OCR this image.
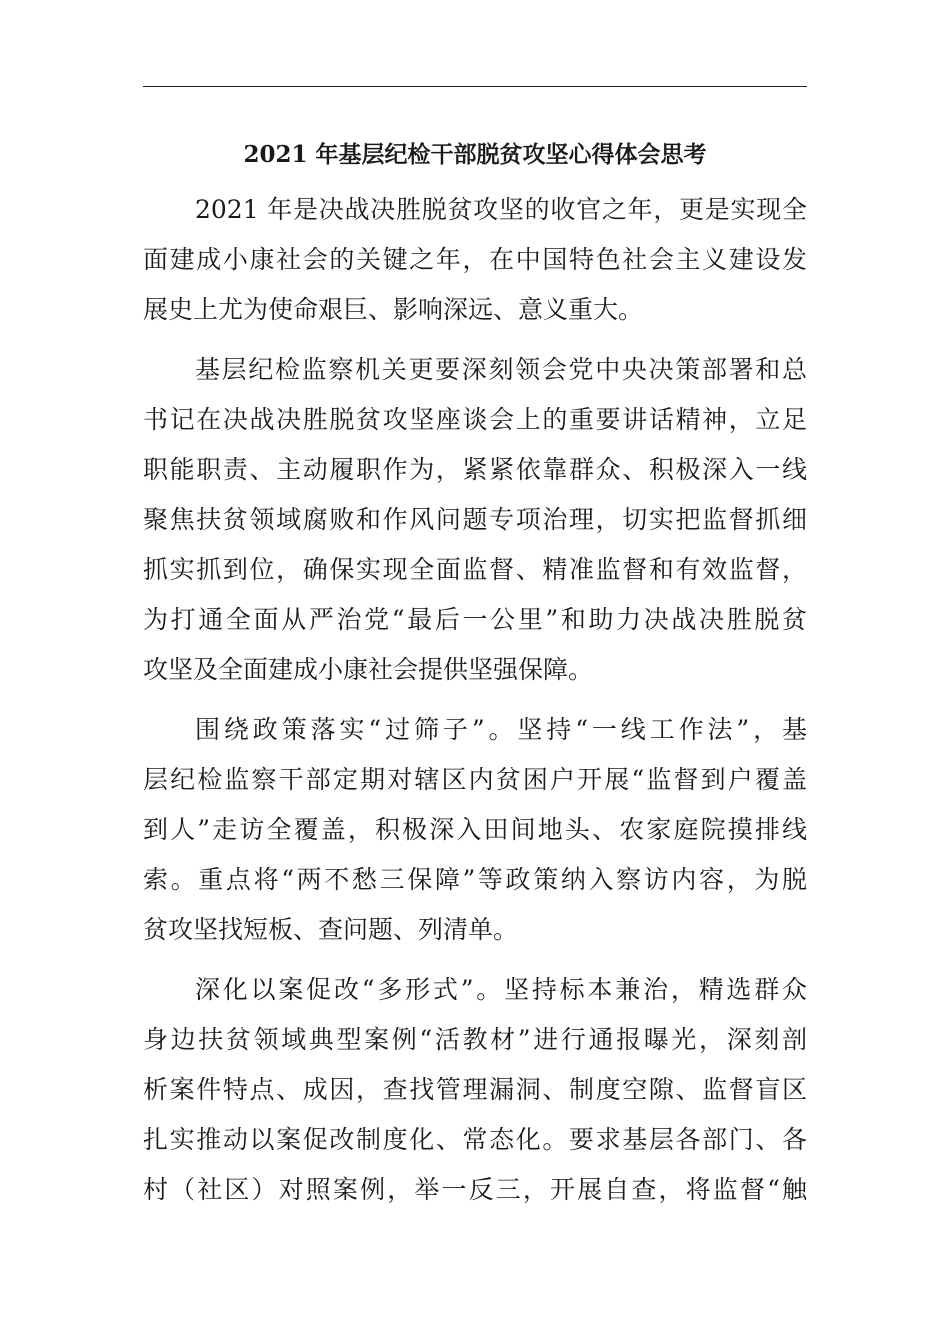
2021 年基层纪检干部脱贫攻坚心得体会思考

2021 年是决战决胜脱贫攻坚的收官之年，更是实现全
面建成小康社会的关键之年，在中国特色社会主义建设发
展史上尤为使命艰巨、影响深远、意义重大。

基层纪检监察机关更要深刻领会党中央决策部署和总
书记在决战决胜脱贫攻坚座谈会上的重要讲话精神，立足
职能职责、主动履职作为，紧紧依靠群众、积极深入一线
聚焦扶贫领域腐败和作风问题专项治理，切实把监督抓细
抓实抓到位，确保实现全面监督、精准监督和有效监督，
为打通全面从严治党“最后一公里”和助力决战决胜脱贫
攻坚及全面建成小康社会提供坚强保障。

围绕政策落实“过筛子”。坚持“一线工作法”，基
层纪检监察干部定期对辖区内贫困户开展“监督到户覆盖
到人”走访全覆盖，积极深入田间地头、农家庭院摸排线
索。重点将“两不愁三保障”等政策纳入察访内容，为脱
贫攻坚找短板、查问题、列清单。

深化以案促改“多形式”。坚持标本兼治，精选群众
身边扶贫领域典型案例“活教材”进行通报曝光，深刻剖
析案件特点、成因，查找管理漏洞、制度空隙、监督盲区
扎实推动以案促改制度化、常态化。要求基层各部门、各
村（社区）对照案例，举一反三，开展自查，将监督“触
